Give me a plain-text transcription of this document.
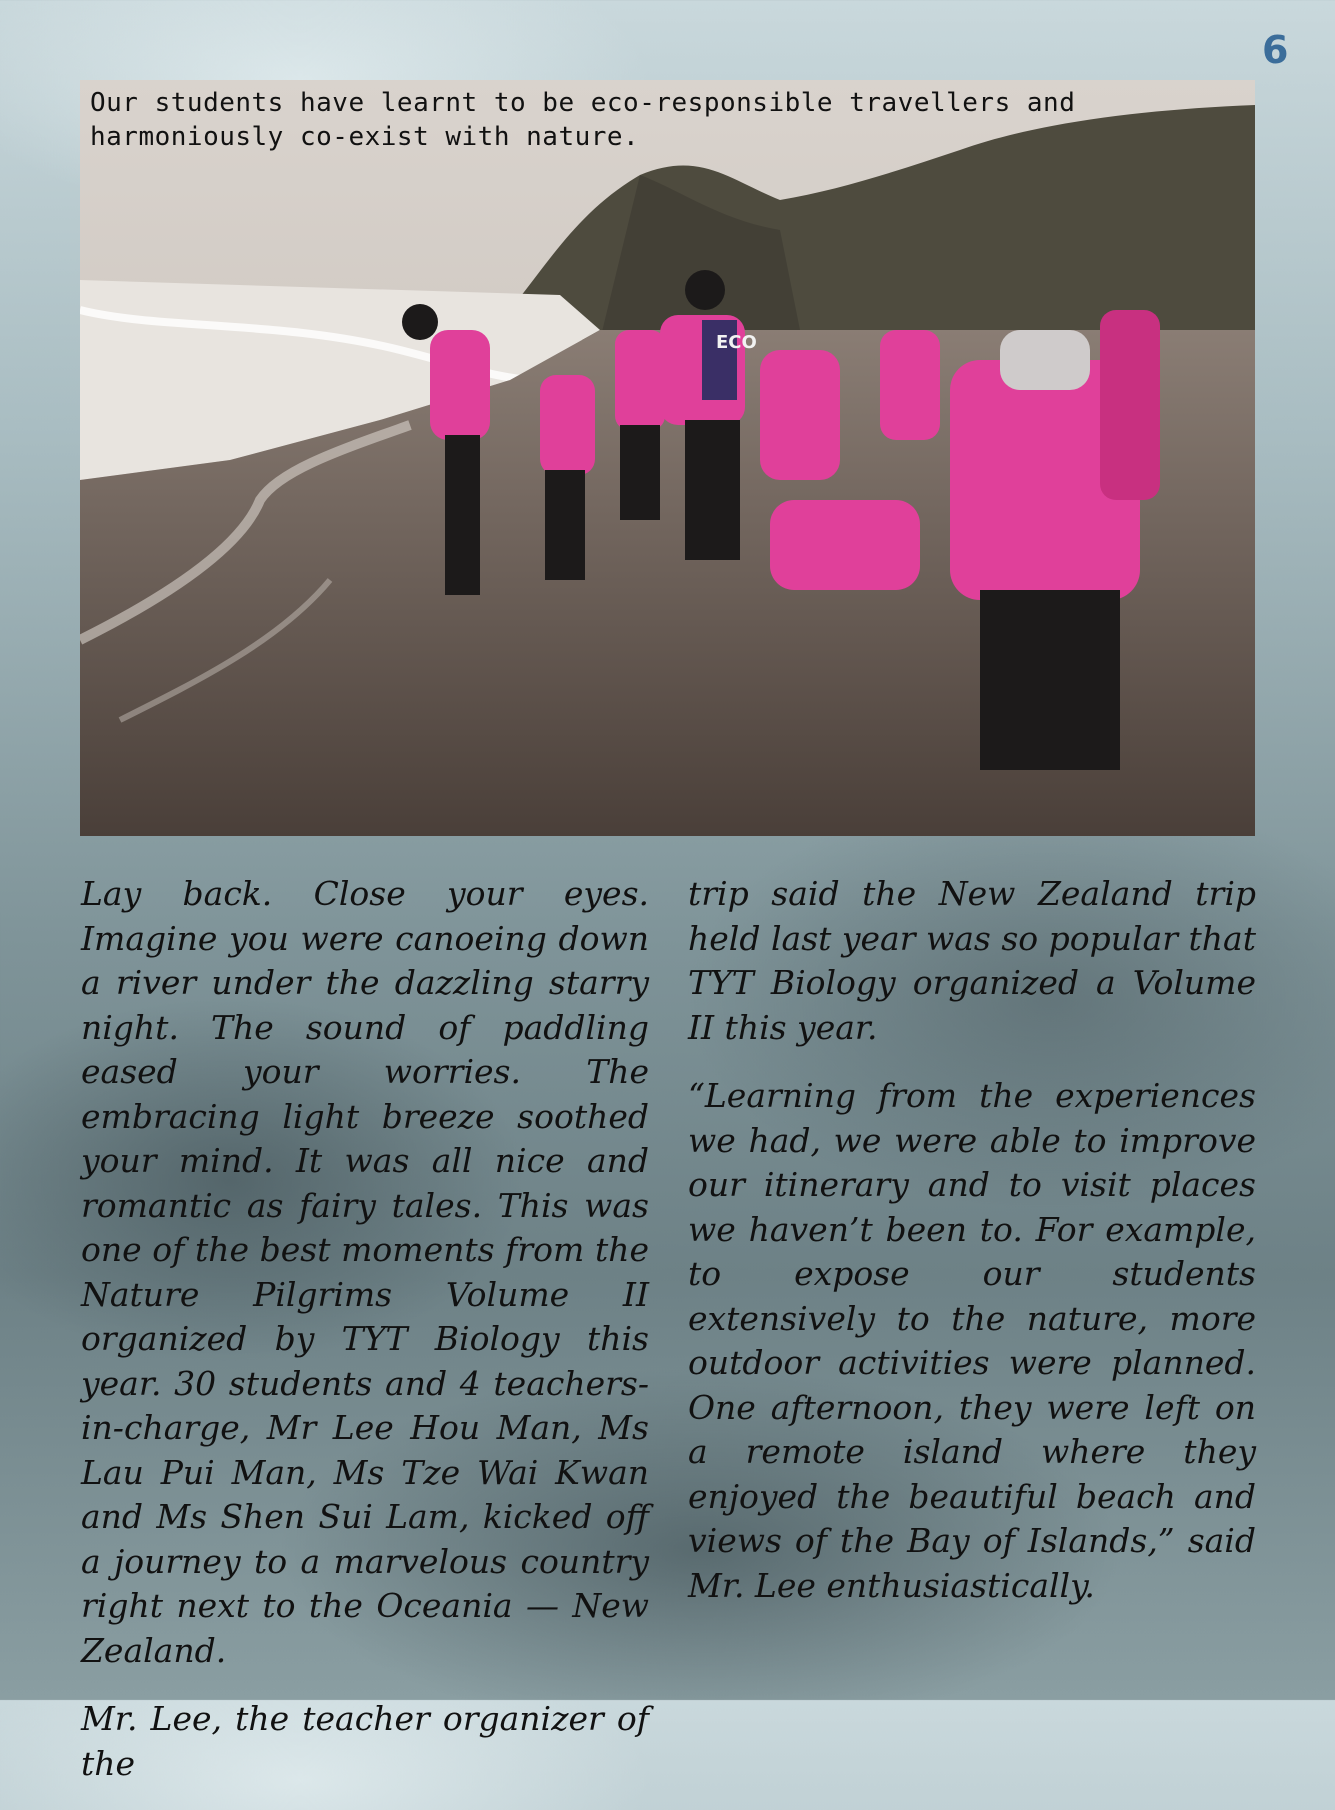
6
ECO
Our students have learnt to be eco-responsible travellers and harmoniously co-exist with nature.

Lay back. Close your eyes. Imagine you were canoeing down a river under the dazzling starry night. The sound of paddling eased your worries. The embracing light breeze soothed your mind. It was all nice and romantic as fairy tales. This was one of the best moments from the Nature Pilgrims Volume II organized by TYT Biology this year. 30 students and 4 teachers-in-charge, Mr Lee Hou Man, Ms Lau Pui Man, Ms Tze Wai Kwan and Ms Shen Sui Lam, kicked off a journey to a marvelous country right next to the Oceania — New Zealand.

Mr. Lee, the teacher organizer of the

trip said the New Zealand trip held last year was so popular that TYT Biology organized a Volume II this year.

“Learning from the experiences we had, we were able to improve our itinerary and to visit places we haven’t been to. For example, to expose our students extensively to the nature, more outdoor activities were planned. One afternoon, they were left on a remote island where they enjoyed the beautiful beach and views of the Bay of Islands,” said Mr. Lee enthusiastically.
